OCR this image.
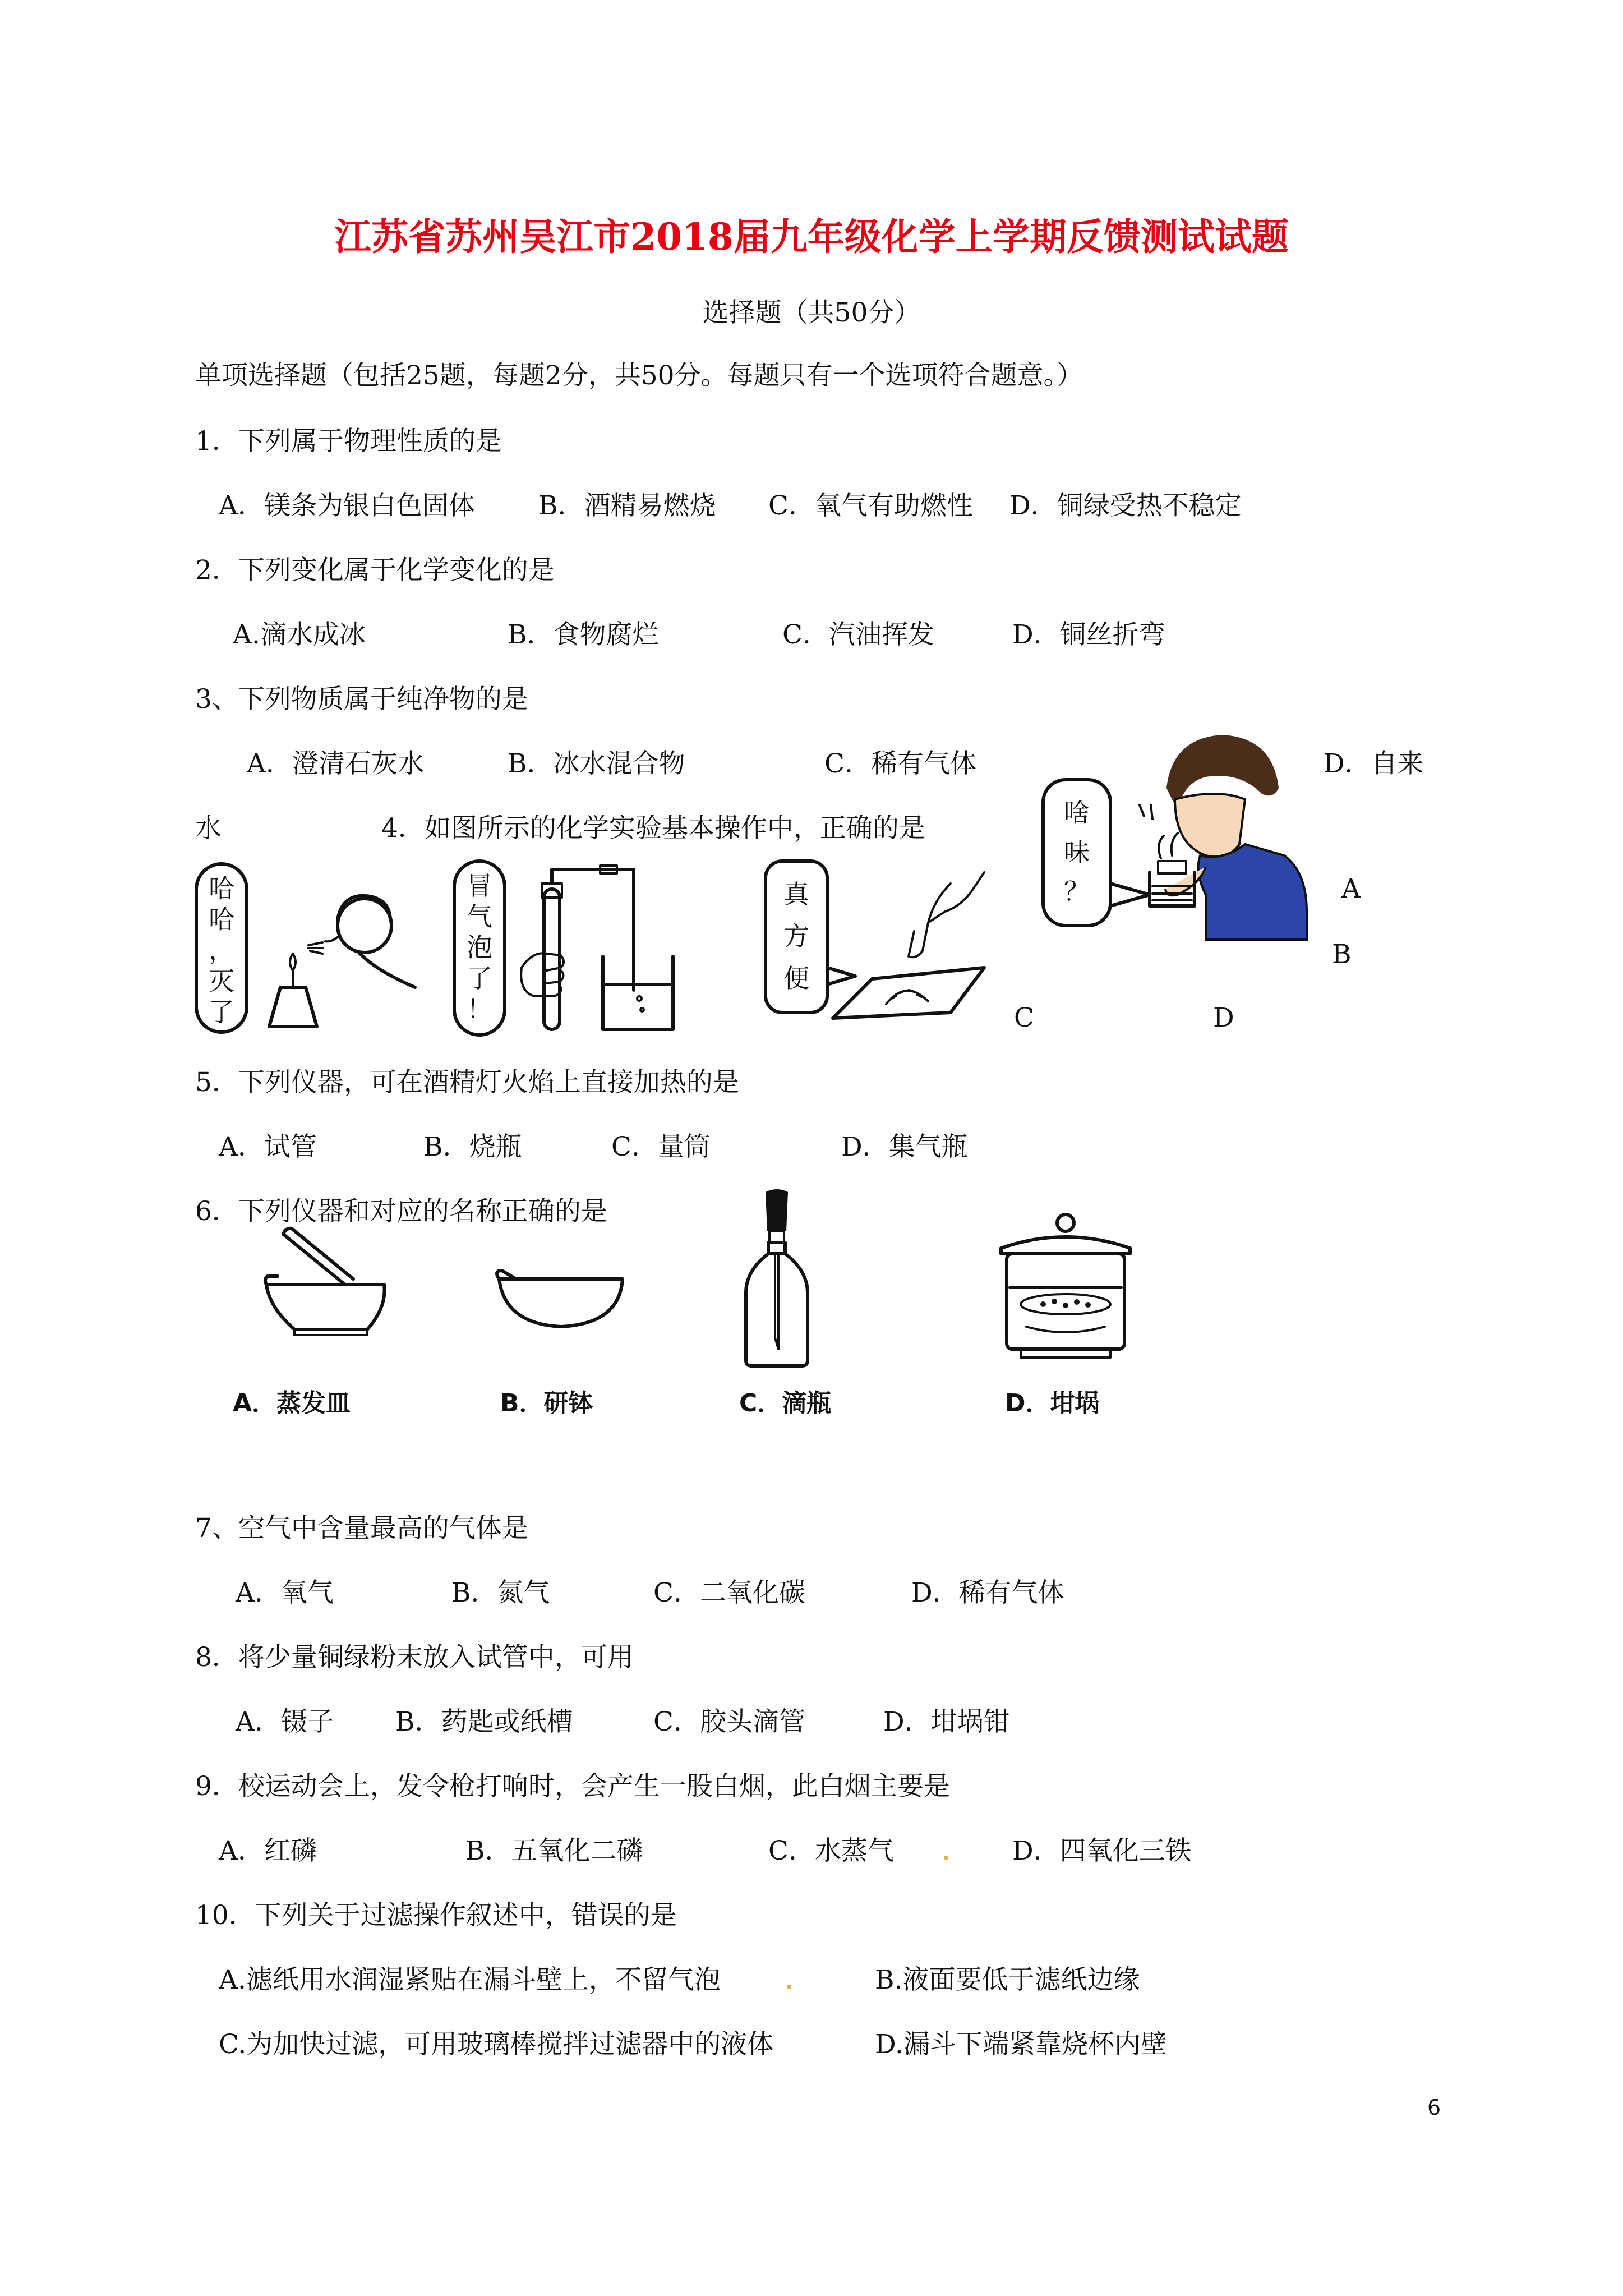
江苏省苏州吴江市2018届九年级化学上学期反馈测试试题
选择题（共50分）
单项选择题（包括25题，每题2分，共50分。每题只有一个选项符合题意。）
1．下列属于物理性质的是
A．镁条为银白色固体 B．酒精易燃烧 C．氧气有助燃性 D．铜绿受热不稳定
2．下列变化属于化学变化的是
A.滴水成冰	B．食物腐烂	C．汽油挥发	D．铜丝折弯
3、下列物质属于纯净物的是
A．澄清石灰水	B．冰水混合物	C．稀有气体	D．自来
水	4．如图所示的化学实验基本操作中，正确的是
哈
哈
，
灭
了
冒
气
泡
了
！
真
方
便
啥
味
？	A
B
C	D
5．下列仪器，可在酒精灯火焰上直接加热的是
A．试管	B．烧瓶	C．量筒	D．集气瓶
6．下列仪器和对应的名称正确的是
A．蒸发皿	B．研钵	C．滴瓶	D．坩埚
7、空气中含量最高的气体是
A．氧气	B．氮气	C．二氧化碳	D．稀有气体
8．将少量铜绿粉末放入试管中，可用
A．镊子 B．药匙或纸槽	C．胶头滴管	D．坩埚钳
9．校运动会上，发令枪打响时，会产生一股白烟，此白烟主要是
A．红磷	B．五氧化二磷	C．水蒸气	D．四氧化三铁
10．下列关于过滤操作叙述中，错误的是
A.滤纸用水润湿紧贴在漏斗壁上，不留气泡	B.液面要低于滤纸边缘
C.为加快过滤，可用玻璃棒搅拌过滤器中的液体	D.漏斗下端紧靠烧杯内壁
6
